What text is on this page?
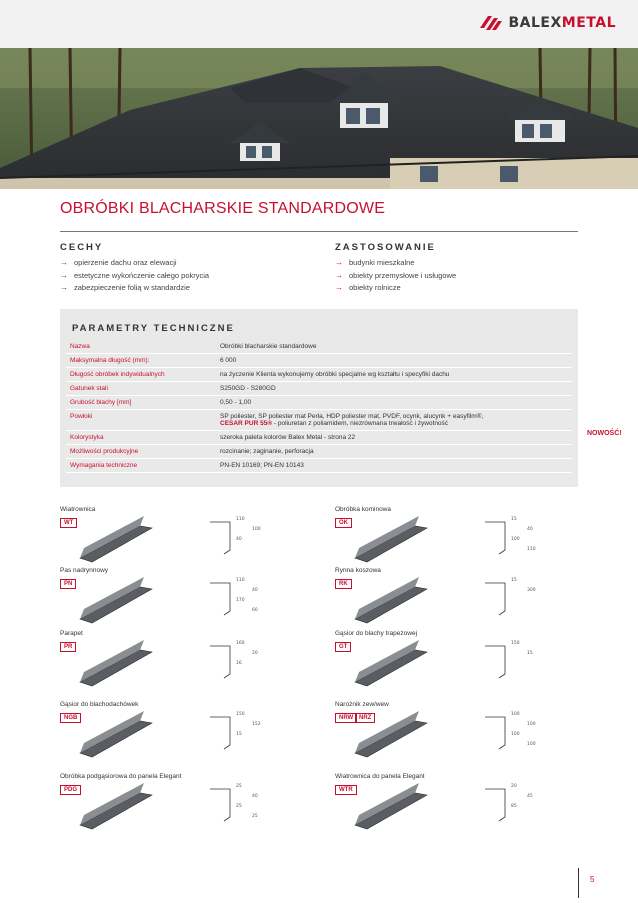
BALEXMETAL
OBRÓBKI BLACHARSKIE STANDARDOWE
CECHY
→ opierzenie dachu oraz elewacji
→ estetyczne wykończenie całego pokrycia
→ zabezpieczenie folią w standardzie
ZASTOSOWANIE
→ budynki mieszkalne
→ obiekty przemysłowe i usługowe
→ obiekty rolnicze
PARAMETRY TECHNICZNE
Nazwa	Obróbki blacharskie standardowe
Maksymalna długość (mm):	6 000
Długość obróbek indywidualnych	na życzenie Klienta wykonujemy obróbki specjalne wg kształtu i specyfiki dachu
Gatunek stali	S250GD - S280GD
Grubość blachy [mm]	0,50 - 1,00
Powłoki	SP poliester, SP poliester mat Perła, HDP poliester mat, PVDF, ocynk, alucynk + easyfilm®,
CESAR PUR 55® - poliuretan z poliamidem, niezrównana trwałość i żywotność
Kolorystyka	szeroka paleta kolorów Balex Metal - strona 22
Możliwości produkcyjne	rozcinanie; zaginanie, perforacja
Wymagania techniczne	PN-EN 10169; PN-EN 10143
NOWOŚĆ!
110
100
40
Wiatrownica
WT
15
40
100
110
Obróbka kominowa
OK
110
40
170
60
Pas nadrynnowy
PN
15
300
Rynna koszowa
RK
160
20
16
Parapet
PR
150
15
Gąsior do blachy trapezowej
GT
150
152
15
Gąsior do blachodachówek
NGB
100
100
100
100
Narożnik zew/wew
NRW NRZ
25
40
25
25
Obróbka podgąsiorowa do panela Elegant
PDG
20
45
85
Wiatrownica do panela Elegant
WTR
5
